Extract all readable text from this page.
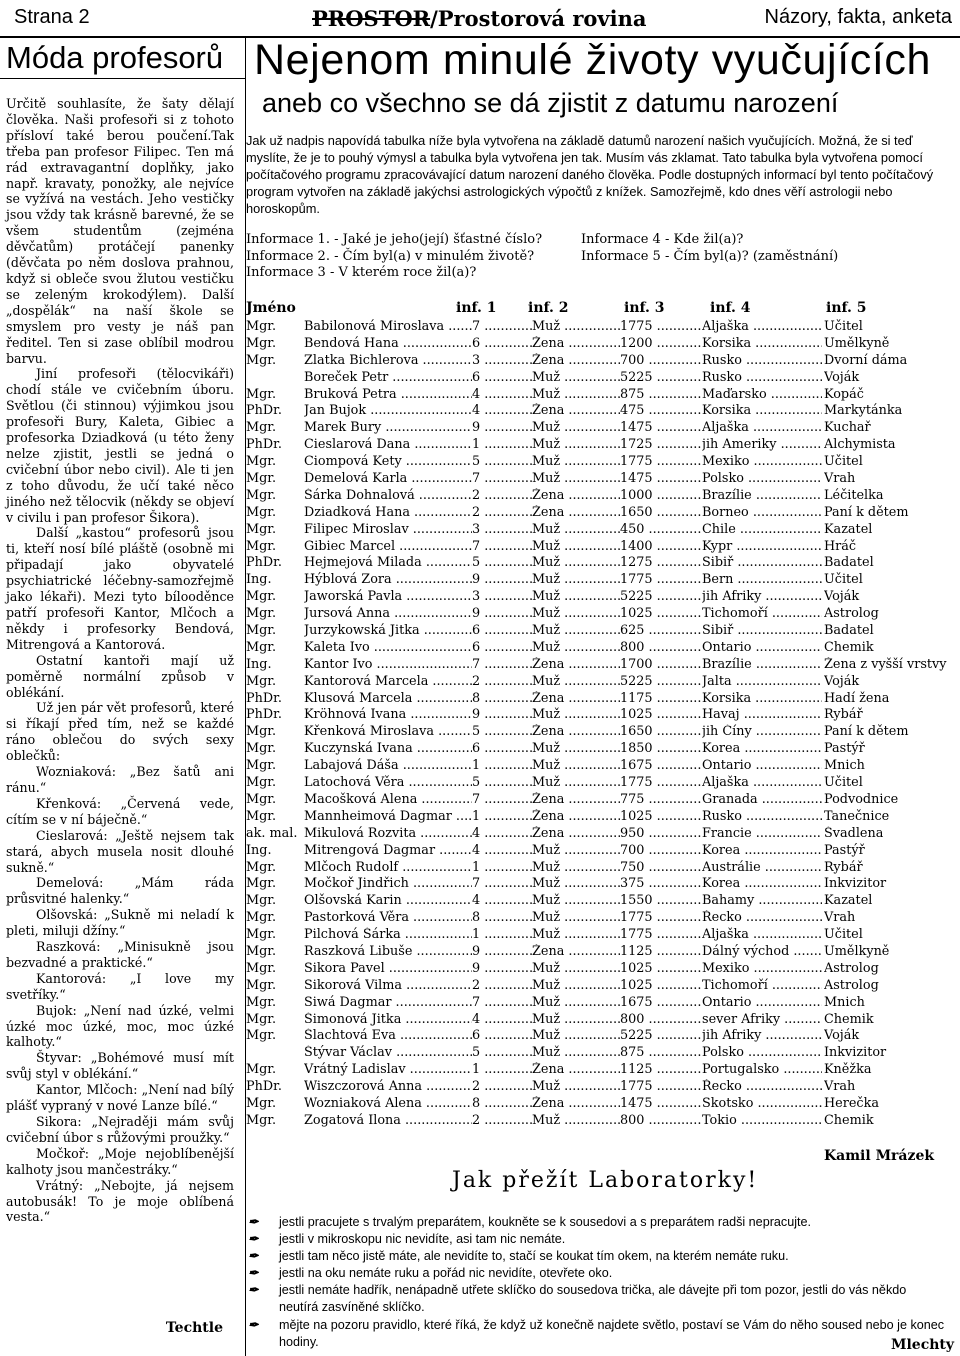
Strana 2	PROSTOR/Prostorová rovina	Názory, fakta, anketa
Móda profesorů

Určitě souhlasíte, že šaty dělají člověka. Naši profesoři si z tohoto přísloví také berou poučení.Tak třeba pan profesor Filipec. Ten má rád extravagantní doplňky, jako např. kravaty, ponožky, ale nejvíce se vyžívá na vestách. Jeho vestičky jsou vždy tak krásně barevné, že se všem studentům (zejména děvčatům) protáčejí panenky (děvčata po něm doslova prahnou, když si obleče svou žlutou vestičku se zeleným krokodýlem). Další „dospělák“ na naší škole se smyslem pro vesty je náš pan ředitel. Ten si zase oblíbil modrou barvu.

Jiní profesoři (tělocvikáři) chodí stále ve cvičebním úboru. Světlou (či stinnou) výjimkou jsou profesoři Bury, Kaleta, Gibiec a profesorka Dziadková (u této ženy nelze zjistit, jestli se jedná o cvičební úbor nebo civil). Ale ti jen z toho důvodu, že učí také něco jiného než tělocvik (někdy se objeví v civilu i pan profesor Šikora).

Další „kastou“ profesorů jsou ti, kteří nosí bílé pláště (osobně mi připadají jako obyvatelé psychiatrické léčebny-samozřejmě jako lékaři). Mezi tyto bílooděnce patří profesoři Kantor, Mlčoch a někdy i profesorky Bendová, Mitrengová a Kantorová.

Ostatní kantoři mají už poměrně normální způsob v oblékání.

Už jen pár vět profesorů, které si říkají před tím, než se každé ráno oblečou do svých sexy oblečků:

Wozniaková: „Bez šatů ani ránu.“

Křenková: „Červená vede, cítím se v ní báječně.“

Cieslarová: „Ještě nejsem tak stará, abych musela nosit dlouhé sukně.“

Demelová: „Mám ráda průsvitné halenky.“

Olšovská: „Sukně mi neladí k pleti, miluji džíny.“

Raszková: „Minisukně jsou bezvadné a praktické.“

Kantorová: „I love my svetříky.“

Bujok: „Není nad úzké, velmi úzké moc úzké, moc, moc úzké kalhoty.“

Štyvar: „Bohémové musí mít svůj styl v oblékání.“

Kantor, Mlčoch: „Není nad bílý plášť vypraný v nové Lanze bílé.“

Sikora: „Nejraději mám svůj cvičební úbor s růžovými proužky.“

Močkoř: „Moje nejoblíbenější kalhoty jsou mančestráky.“

Vrátný: „Nebojte, já nejsem autobusák! To je moje oblíbená vesta.“

Techtle
Nejenom minulé životy vyučujících
aneb co všechno se dá zjistit z datumu narození
Jak už nadpis napovídá tabulka níže byla vytvořena na základě datumů narození našich vyučujících. Možná, že si teď myslíte, že je to pouhý výmysl a tabulka byla vytvořena jen tak. Musím vás zklamat. Tato tabulka byla vytvořena pomocí počítačového programu zpracovávající datum narození daného člověka. Podle dostupných informací byl tento počítačový program vytvořen na základě jakýchsi astrologických výpočtů z knížek. Samozřejmě, kdo dnes věří astrologii nebo horoskopům.
Informace 1. - Jaké je jeho(její) šťastné číslo?
Informace 2. - Čím byl(a) v minulém životě?
Informace 3 - V kterém roce žil(a)?
Informace 4 - Kde žil(a)?
Informace 5 - Čím byl(a)? (zaměstnání)
Jméno	inf. 1	inf. 2	inf. 3	inf. 4	inf. 5
Mgr.	Babilonová Miroslava .....	7 .....	Muž .....	1775 .....	Aljaška .....	Učitel
Mgr.	Bendová Hana .....	6 .....	Žena .....	1200 .....	Korsika .....	Umělkyně
Mgr.	Zlatka Bichlerova .....	3 .....	Žena .....	700 .....	Rusko .....	Dvorní dáma
Boreček Petr .....	6 .....	Muž .....	5225 .....	Rusko .....	Voják
Mgr.	Bruková Petra .....	4 .....	Muž .....	875 .....	Maďarsko .....	Kopáč
PhDr.	Jan Bujok .....	4 .....	Žena .....	475 .....	Korsika .....	Markytánka
Mgr.	Marek Bury .....	9 .....	Muž .....	1475 .....	Aljaška .....	Kuchař
PhDr.	Cieslarová Dana .....	1 .....	Muž .....	1725 .....	jih Ameriky .....	Alchymista
Mgr.	Ciompová Kety .....	5 .....	Muž .....	1775 .....	Mexiko .....	Učitel
Mgr.	Demelová Karla .....	7 .....	Muž .....	1475 .....	Polsko .....	Vrah
Mgr.	Šárka Dohnalová .....	2 .....	Žena .....	1000 .....	Brazílie .....	Léčitelka
Mgr.	Dziadková Hana .....	2 .....	Žena .....	1650 .....	Borneo .....	Paní k dětem
Mgr.	Filipec Miroslav .....	3 .....	Muž .....	450 .....	Chile .....	Kazatel
Mgr.	Gibiec Marcel .....	7 .....	Muž .....	1400 .....	Kypr .....	Hráč
PhDr.	Hejmejová Milada .....	5 .....	Muž .....	1275 .....	Sibiř .....	Badatel
Ing.	Hýblová Zora .....	9 .....	Muž .....	1775 .....	Bern .....	Učitel
Mgr.	Jaworská Pavla .....	3 .....	Muž .....	5225 .....	jih Afriky .....	Voják
Mgr.	Jursová Anna .....	9 .....	Muž .....	1025 .....	Tichomoří .....	Astrolog
Mgr.	Jurzykowská Jitka .....	6 .....	Muž .....	625 .....	Sibiř .....	Badatel
Mgr.	Kaleta Ivo .....	6 .....	Muž .....	800 .....	Ontario .....	Chemik
Ing.	Kantor Ivo .....	7 .....	Žena .....	1700 .....	Brazílie .....	Žena z vyšší vrstvy
Mgr.	Kantorová Marcela .....	2 .....	Muž .....	5225 .....	Jalta .....	Voják
PhDr.	Klusová Marcela .....	8 .....	Žena .....	1175 .....	Korsika .....	Hadí žena
PhDr.	Kröhnová Ivana .....	9 .....	Muž .....	1025 .....	Havaj .....	Rybář
Mgr.	Křenková Miroslava .....	5 .....	Žena .....	1650 .....	jih Číny .....	Paní k dětem
Mgr.	Kuczynská Ivana .....	6 .....	Muž .....	1850 .....	Korea .....	Pastýř
Mgr.	Labajová Dáša .....	1 .....	Muž .....	1675 .....	Ontario .....	Mnich
Mgr.	Latochová Věra .....	5 .....	Muž .....	1775 .....	Aljaška .....	Učitel
Mgr.	Macošková Alena .....	7 .....	Žena .....	775 .....	Granada .....	Podvodnice
Mgr.	Mannheimová Dagmar .....	1 .....	Žena .....	1025 .....	Rusko .....	Tanečnice
ak. mal. Mikulová Rozvita .....	4 .....	Žena .....	950 .....	Francie .....	Švadlena
Ing.	Mitrengová Dagmar .....	4 .....	Muž .....	700 .....	Korea .....	Pastýř
Mgr.	Mlčoch Rudolf .....	1 .....	Muž .....	750 .....	Austrálie .....	Rybář
Mgr.	Močkoř Jindřich .....	7 .....	Muž .....	375 .....	Korea .....	Inkvizitor
Mgr.	Olšovská Karin .....	4 .....	Muž .....	1550 .....	Bahamy .....	Kazatel
Mgr.	Pastorková Věra .....	8 .....	Muž .....	1775 .....	Řecko .....	Vrah
Mgr.	Pilchová Šárka .....	1 .....	Muž .....	1775 .....	Aljaška .....	Učitel
Mgr.	Raszková Libuše .....	9 .....	Žena .....	1125 .....	Dálný východ .....	Umělkyně
Mgr.	Sikora Pavel .....	9 .....	Muž .....	1025 .....	Mexiko .....	Astrolog
Mgr.	Sikorová Vilma .....	2 .....	Muž .....	1025 .....	Tichomoří .....	Astrolog
Mgr.	Siwá Dagmar .....	7 .....	Muž .....	1675 .....	Ontario .....	Mnich
Mgr.	Šimonová Jitka .....	4 .....	Muž .....	800 .....	sever Afriky .....	Chemik
Mgr.	Šlachtová Eva .....	6 .....	Muž .....	5225 .....	jih Afriky .....	Voják
Štývar Václav .....	5 .....	Muž .....	875 .....	Polsko .....	Inkvizitor
Mgr.	Vrátný Ladislav .....	1 .....	Žena .....	1125 .....	Portugalsko .....	Kněžka
PhDr.	Wiszczorová Anna .....	2 .....	Muž .....	1775 .....	Řecko .....	Vrah
Mgr.	Wozniaková Alena .....	8 .....	Žena .....	1475 .....	Skotsko .....	Herečka
Mgr.	Zogatová Ilona .....	2 .....	Muž .....	800 .....	Tokio .....	Chemik
Kamil Mrázek
Jak přežít Laboratorky!
✒ jestli pracujete s trvalým preparátem, koukněte se k sousedovi a s preparátem radši nepracujte.
✒ jestli v mikroskopu nic nevidíte, asi tam nic nemáte.
✒ jestli tam něco jistě máte, ale nevidíte to, stačí se koukat tím okem, na kterém nemáte ruku.
✒ jestli na oku nemáte ruku a pořád nic nevidíte, otevřete oko.
✒ jestli nemáte hadřík, nenápadně utřete sklíčko do sousedova trička, ale dávejte při tom pozor, jestli do vás někdo neutírá zasvíněné sklíčko.
✒ mějte na pozoru pravidlo, které říká, že když už konečně najdete světlo, postaví se Vám do něho soused nebo je konec hodiny.	Mlechty
